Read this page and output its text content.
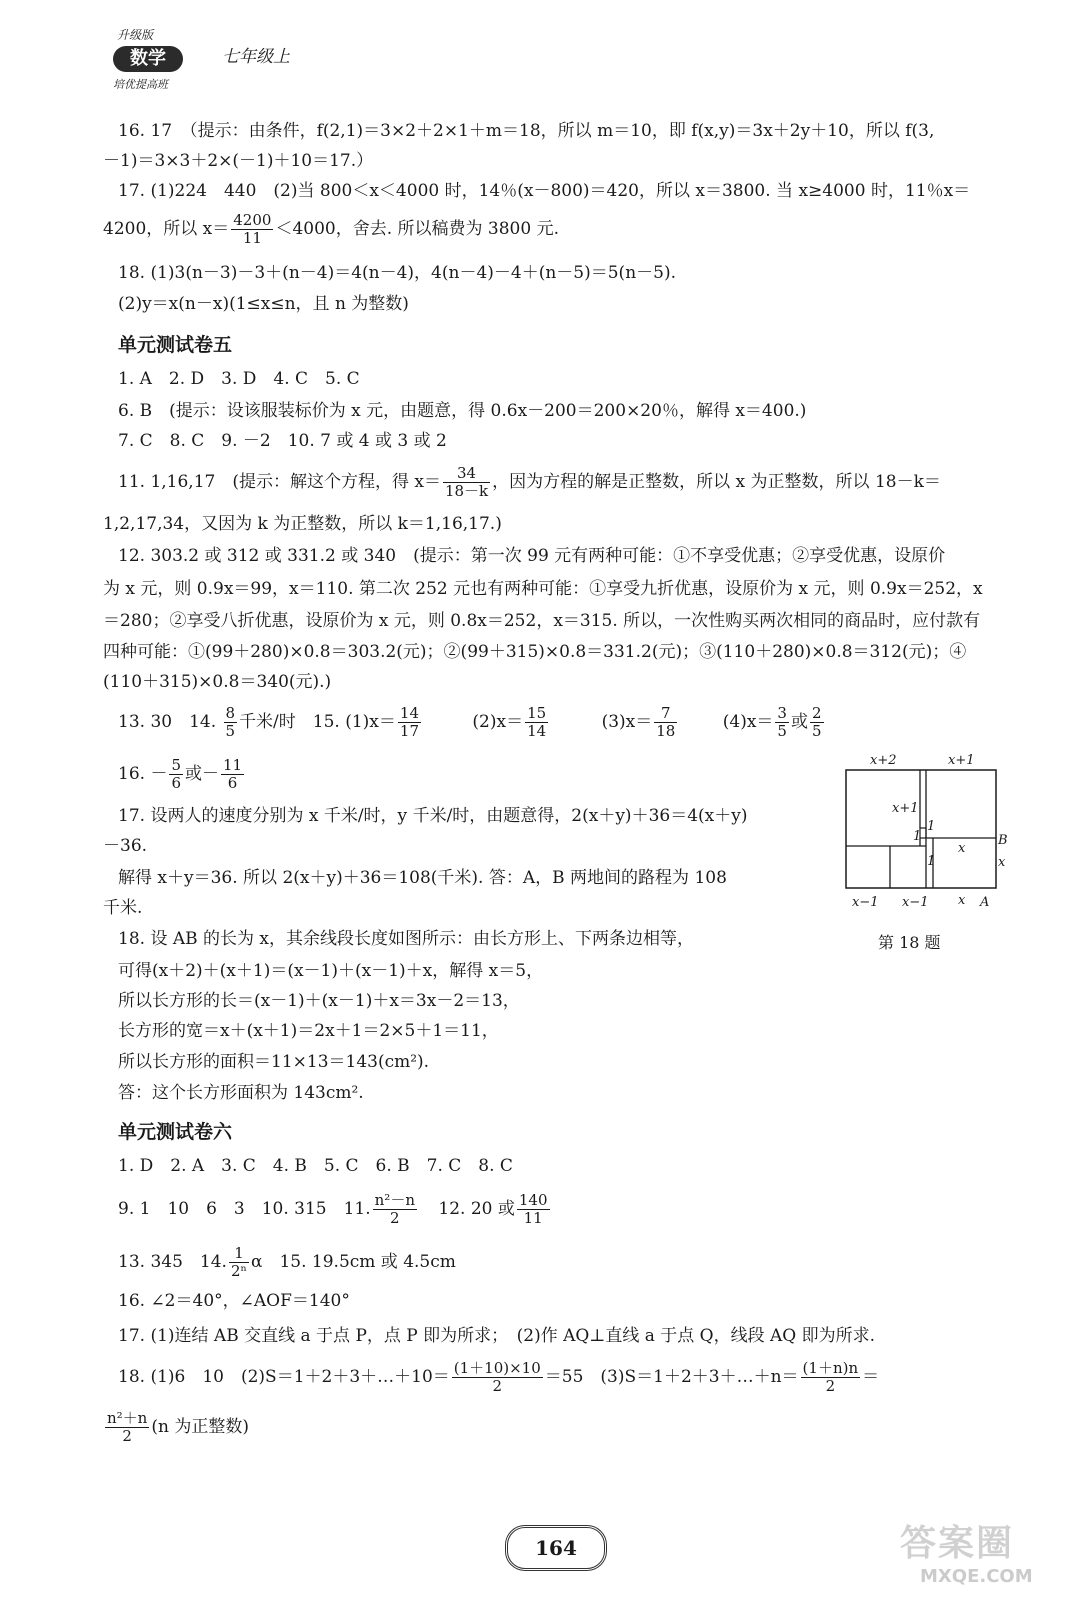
升级版
数学
培优提高班
七年级上
16. 17　（提示：由条件，f(2,1)＝3×2＋2×1＋m＝18，所以 m＝10，即 f(x,y)＝3x＋2y＋10，所以 f(3,
－1)＝3×3＋2×(－1)＋10＝17.）
17. (1)224　440　(2)当 800＜x＜4000 时，14％(x－800)＝420，所以 x＝3800. 当 x≥4000 时，11％x＝
4200，所以 $x= \frac{4200}{11} <4000$，舍去. 所以稿费为 3800 元.
18. (1)3(n－3)－3＋(n－4)＝4(n－4)，4(n－4)－4＋(n－5)＝5(n－5).
(2)y＝x(n－x)(1≤x≤n，且 n 为整数)
单元测试卷五
1. A　2. D　3. D　4. C　5. C
6. B　(提示：设该服装标价为 x 元，由题意，得 0.6x－200＝200×20％，解得 x＝400.)
7. C　8. C　9. －2　10. 7 或 4 或 3 或 2
11. 1,16,17　(提示：解这个方程，得 $x= \frac{34}{18-k}$ ，因为方程的解是正整数，所以 x 为正整数，所以 18－k＝
1,2,17,34，又因为 k 为正整数，所以 k＝1,16,17.)
12. 303.2 或 312 或 331.2 或 340　(提示：第一次 99 元有两种可能：①不享受优惠；②享受优惠，设原价
为 x 元，则 0.9x＝99，x＝110. 第二次 252 元也有两种可能：①享受九折优惠，设原价为 x 元，则 0.9x＝252，x
＝280；②享受八折优惠，设原价为 x 元，则 0.8x＝252，x＝315. 所以，一次性购买两次相同的商品时，应付款有
四种可能：①(99＋280)×0.8＝303.2(元)；②(99＋315)×0.8＝331.2(元)；③(110＋280)×0.8＝312(元)；④
(110＋315)×0.8＝340(元).)
13. 30　14. $\frac{8}{5}$ 千米/时　15. $(1)x= \frac{14}{17}$	$(2)x= \frac{15}{14}$	$(3)x= \frac{7}{18}$	$(4)x= \frac{3}{5}$ 或 $\frac{2}{5}$
16. － $\frac{5}{6}$ 或－ $\frac{11}{6}$
17. 设两人的速度分别为 x 千米/时，y 千米/时，由题意得，2(x＋y)＋36＝4(x＋y)
－36.
解得 x＋y＝36. 所以 2(x＋y)＋36＝108(千米). 答：A，B 两地间的路程为 108
千米.
18. 设 AB 的长为 x，其余线段长度如图所示：由长方形上、下两条边相等，
可得(x＋2)＋(x＋1)＝(x－1)＋(x－1)＋x，解得 x＝5，
所以长方形的长＝(x－1)＋(x－1)＋x＝3x－2＝13，
长方形的宽＝x＋(x＋1)＝2x＋1＝2×5＋1＝11，
所以长方形的面积＝11×13＝143(cm²).
答：这个长方形面积为 143cm².
x+2	x+1
x+1
1
1
1
x
B
x
x−1 x−1 x A
第 18 题
单元测试卷六
1. D　2. A　3. C　4. B　5. C　6. B　7. C　8. C
9. 1　10　6　3　10. 315　11. $\frac{\text{n²－n}}{2} 12$. 20 或 $\frac{140}{11}$
13. 345　14. $\frac{1}{\text{2ⁿ}}$ α　15. 19.5cm 或 4.5cm
16. ∠2＝40°，∠AOF＝140°
17. (1)连结 AB 交直线 a 于点 P，点 P 即为所求；　(2)作 AQ⊥直线 a 于点 Q，线段 AQ 即为所求.
18. (1)6　10　(2)S＝1＋2＋3＋…＋10＝ $\frac{(1+10)\times 10}{2} =55$　(3)S＝1＋2＋3＋…＋n＝ $\frac{(1+n)n}{2}$ ＝
$\frac{\text{n²＋n}}{2} (n$ 为正整数)
164	答案圈
MXQE.COM
